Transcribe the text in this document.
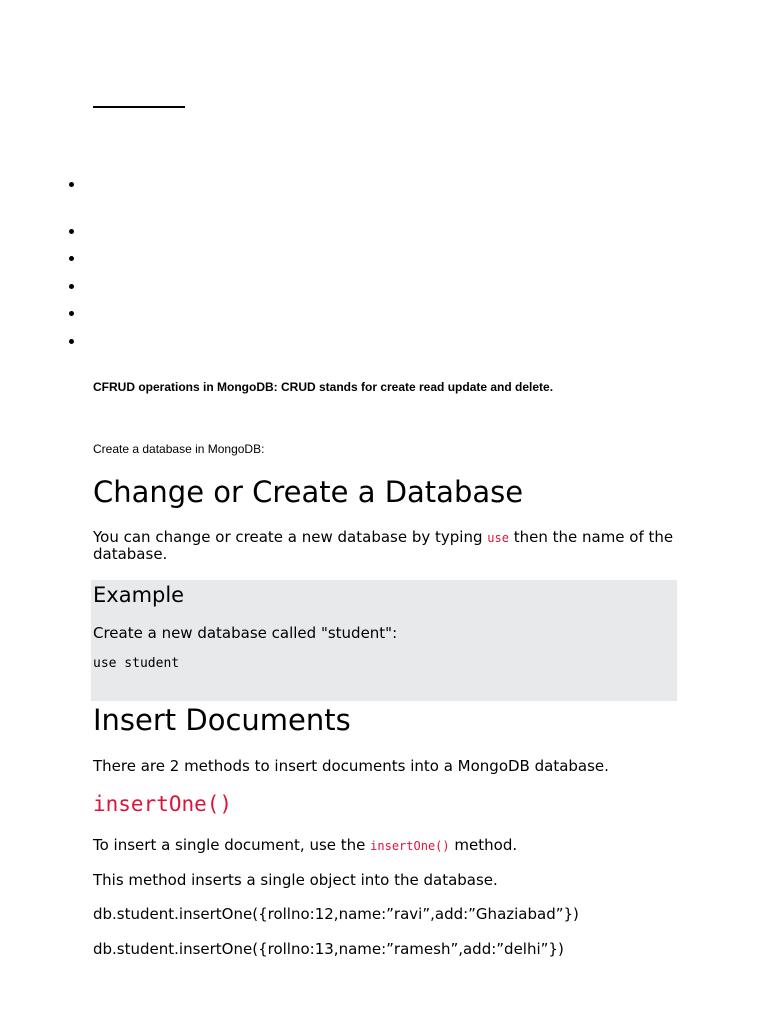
CFRUD operations in MongoDB: CRUD stands for create read update and delete.
Create a database in MongoDB:
Change or Create a Database
You can change or create a new database by typing use then the name of the
database.
Example
Create a new database called "student":
use student
Insert Documents
There are 2 methods to insert documents into a MongoDB database.
insertOne()
To insert a single document, use the insertOne() method.
This method inserts a single object into the database.
db.student.insertOne({rollno:12,name:”ravi”,add:”Ghaziabad”})
db.student.insertOne({rollno:13,name:”ramesh”,add:”delhi”})
